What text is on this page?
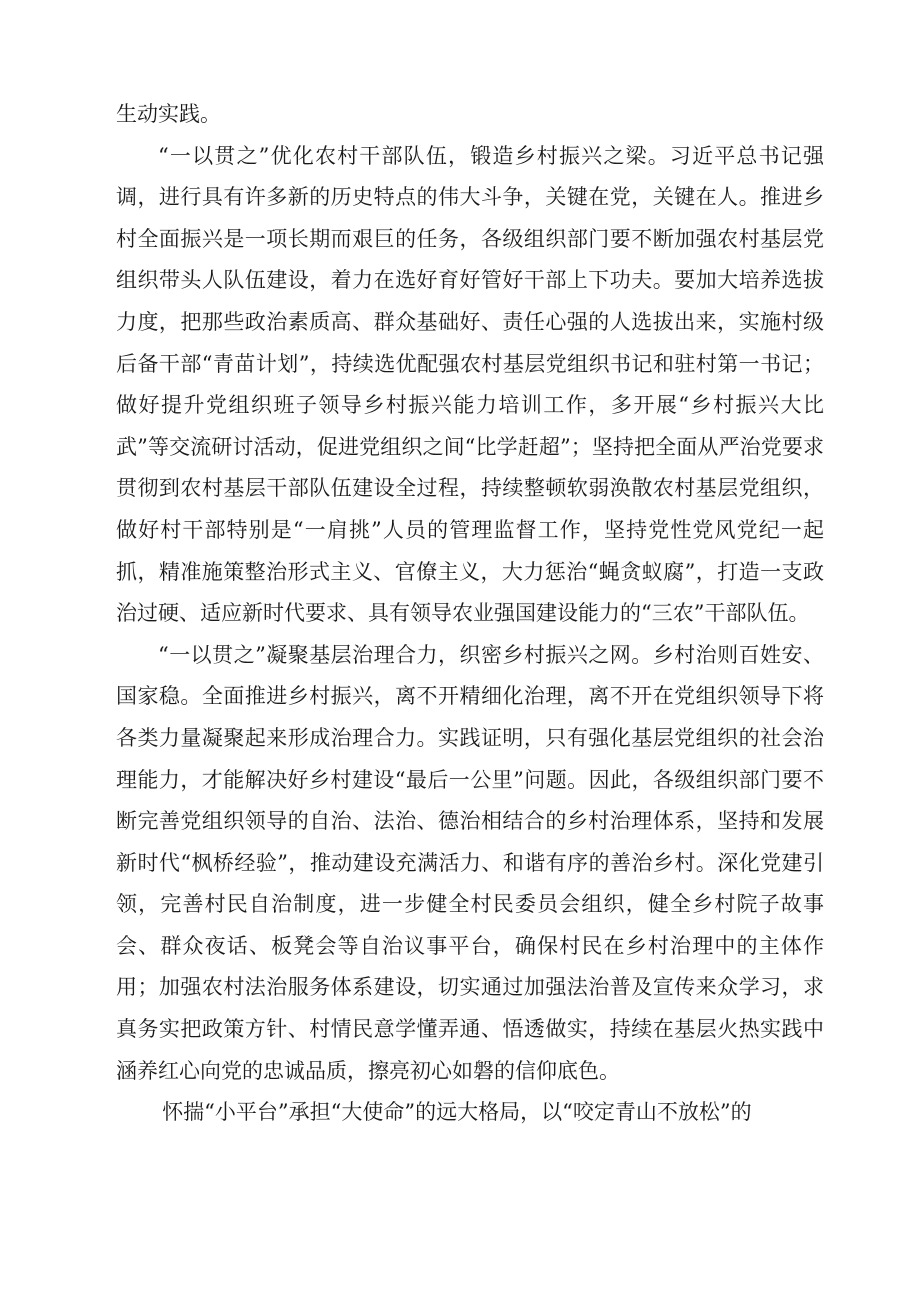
生动实践。

“一以贯之”优化农村干部队伍，锻造乡村振兴之梁。习近平总书记强调，进行具有许多新的历史特点的伟大斗争，关键在党，关键在人。推进乡村全面振兴是一项长期而艰巨的任务，各级组织部门要不断加强农村基层党组织带头人队伍建设，着力在选好育好管好干部上下功夫。要加大培养选拔力度，把那些政治素质高、群众基础好、责任心强的人选拔出来，实施村级后备干部“青苗计划”，持续选优配强农村基层党组织书记和驻村第一书记；做好提升党组织班子领导乡村振兴能力培训工作，多开展“乡村振兴大比武”等交流研讨活动，促进党组织之间“比学赶超”；坚持把全面从严治党要求贯彻到农村基层干部队伍建设全过程，持续整顿软弱涣散农村基层党组织，做好村干部特别是“一肩挑”人员的管理监督工作，坚持党性党风党纪一起抓，精准施策整治形式主义、官僚主义，大力惩治“蝇贪蚁腐”，打造一支政治过硬、适应新时代要求、具有领导农业强国建设能力的“三农”干部队伍。

“一以贯之”凝聚基层治理合力，织密乡村振兴之网。乡村治则百姓安、国家稳。全面推进乡村振兴，离不开精细化治理，离不开在党组织领导下将各类力量凝聚起来形成治理合力。实践证明，只有强化基层党组织的社会治理能力，才能解决好乡村建设“最后一公里”问题。因此，各级组织部门要不断完善党组织领导的自治、法治、德治相结合的乡村治理体系，坚持和发展新时代“枫桥经验”，推动建设充满活力、和谐有序的善治乡村。深化党建引领，完善村民自治制度，进一步健全村民委员会组织，健全乡村院子故事会、群众夜话、板凳会等自治议事平台，确保村民在乡村治理中的主体作用；加强农村法治服务体系建设，切实通过加强法治普及宣传来众学习，求真务实把政策方针、村情民意学懂弄通、悟透做实，持续在基层火热实践中涵养红心向党的忠诚品质，擦亮初心如磐的信仰底色。

怀揣“小平台”承担“大使命”的远大格局，以“咬定青山不放松”的
